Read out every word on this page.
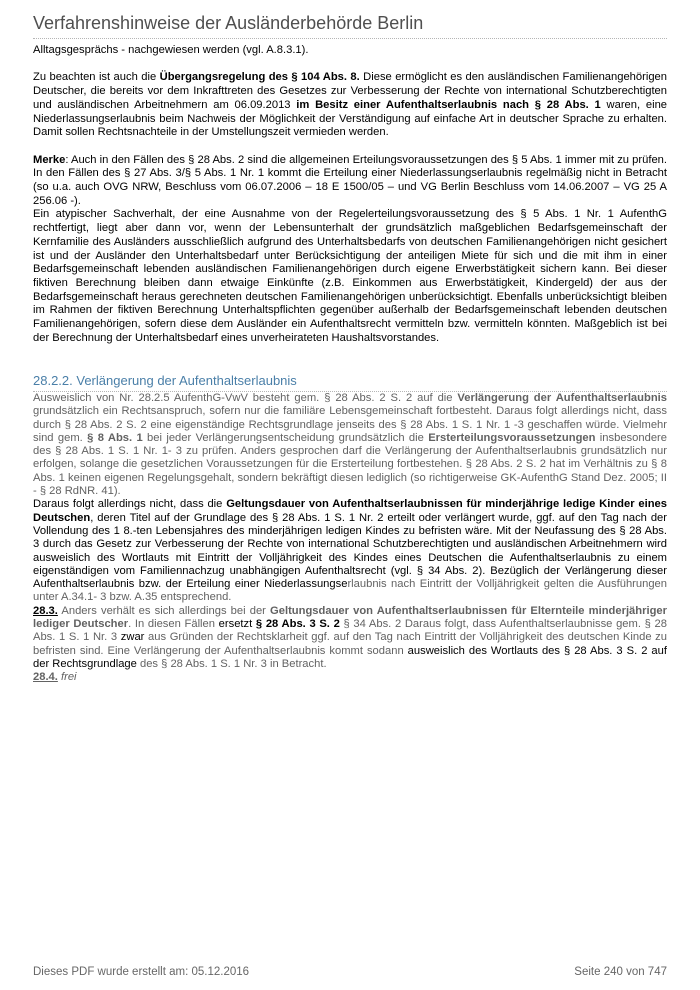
Verfahrenshinweise der Ausländerbehörde Berlin

Alltagsgesprächs - nachgewiesen werden (vgl. A.8.3.1).

Zu beachten ist auch die Übergangsregelung des § 104 Abs. 8. Diese ermöglicht es den ausländischen Familienangehörigen Deutscher, die bereits vor dem Inkrafttreten des Gesetzes zur Verbesserung der Rechte von international Schutzberechtigten und ausländischen Arbeitnehmern am 06.09.2013 im Besitz einer Aufenthaltserlaubnis nach § 28 Abs. 1 waren, eine Niederlassungserlaubnis beim Nachweis der Möglichkeit der Verständigung auf einfache Art in deutscher Sprache zu erhalten. Damit sollen Rechtsnachteile in der Umstellungszeit vermieden werden.

Merke: Auch in den Fällen des § 28 Abs. 2 sind die allgemeinen Erteilungsvoraussetzungen des § 5 Abs. 1 immer mit zu prüfen. In den Fällen des § 27 Abs. 3/§ 5 Abs. 1 Nr. 1 kommt die Erteilung einer Niederlassungserlaubnis regelmäßig nicht in Betracht (so u.a. auch OVG NRW, Beschluss vom 06.07.2006 – 18 E 1500/05 – und VG Berlin Beschluss vom 14.06.2007 – VG 25 A 256.06 -).

Ein atypischer Sachverhalt, der eine Ausnahme von der Regelerteilungsvoraussetzung des § 5 Abs. 1 Nr. 1 AufenthG rechtfertigt, liegt aber dann vor, wenn der Lebensunterhalt der grundsätzlich maßgeblichen Bedarfsgemeinschaft der Kernfamilie des Ausländers ausschließlich aufgrund des Unterhaltsbedarfs von deutschen Familienangehörigen nicht gesichert ist und der Ausländer den Unterhaltsbedarf unter Berücksichtigung der anteiligen Miete für sich und die mit ihm in einer Bedarfsgemeinschaft lebenden ausländischen Familienangehörigen durch eigene Erwerbstätigkeit sichern kann. Bei dieser fiktiven Berechnung bleiben dann etwaige Einkünfte (z.B. Einkommen aus Erwerbstätigkeit, Kindergeld) der aus der Bedarfsgemeinschaft heraus gerechneten deutschen Familienangehörigen unberücksichtigt. Ebenfalls unberücksichtigt bleiben im Rahmen der fiktiven Berechnung Unterhaltspflichten gegenüber außerhalb der Bedarfsgemeinschaft lebenden deutschen Familienangehörigen, sofern diese dem Ausländer ein Aufenthaltsrecht vermitteln bzw. vermitteln könnten. Maßgeblich ist bei der Berechnung der Unterhaltsbedarf eines unverheirateten Haushaltsvorstandes.

28.2.2. Verlängerung der Aufenthaltserlaubnis

Ausweislich von Nr. 28.2.5 AufenthG-VwV besteht gem. § 28 Abs. 2 S. 2 auf die Verlängerung der Aufenthaltserlaubnis grundsätzlich ein Rechtsanspruch, sofern nur die familiäre Lebensgemeinschaft fortbesteht. Daraus folgt allerdings nicht, dass durch § 28 Abs. 2 S. 2 eine eigenständige Rechtsgrundlage jenseits des § 28 Abs. 1 S. 1 Nr. 1 -3 geschaffen würde. Vielmehr sind gem. § 8 Abs. 1 bei jeder Verlängerungsentscheidung grundsätzlich die Ersterteilungsvoraussetzungen insbesondere des § 28 Abs. 1 S. 1 Nr. 1- 3 zu prüfen. Anders gesprochen darf die Verlängerung der Aufenthaltserlaubnis grundsätzlich nur erfolgen, solange die gesetzlichen Voraussetzungen für die Ersterteilung fortbestehen. § 28 Abs. 2 S. 2 hat im Verhältnis zu § 8 Abs. 1 keinen eigenen Regelungsgehalt, sondern bekräftigt diesen lediglich (so richtigerweise GK-AufenthG Stand Dez. 2005; II - § 28 RdNR. 41).

Daraus folgt allerdings nicht, dass die Geltungsdauer von Aufenthaltserlaubnissen für minderjährige ledige Kinder eines Deutschen, deren Titel auf der Grundlage des § 28 Abs. 1 S. 1 Nr. 2 erteilt oder verlängert wurde, ggf. auf den Tag nach der Vollendung des 1 8.-ten Lebensjahres des minderjährigen ledigen Kindes zu befristen wäre. Mit der Neufassung des § 28 Abs. 3 durch das Gesetz zur Verbesserung der Rechte von international Schutzberechtigten und ausländischen Arbeitnehmern wird ausweislich des Wortlauts mit Eintritt der Volljährigkeit des Kindes eines Deutschen die Aufenthaltserlaubnis zu einem eigenständigen vom Familiennachzug unabhängigen Aufenthaltsrecht (vgl. § 34 Abs. 2). Bezüglich der Verlängerung dieser Aufenthaltserlaubnis bzw. der Erteilung einer Niederlassungserlaubnis nach Eintritt der Volljährigkeit gelten die Ausführungen unter A.34.1- 3 bzw. A.35 entsprechend.

28.3. Anders verhält es sich allerdings bei der Geltungsdauer von Aufenthaltserlaubnissen für Elternteile minderjähriger lediger Deutscher. In diesen Fällen ersetzt § 28 Abs. 3 S. 2 § 34 Abs. 2 Daraus folgt, dass Aufenthaltserlaubnisse gem. § 28 Abs. 1 S. 1 Nr. 3 zwar aus Gründen der Rechtsklarheit ggf. auf den Tag nach Eintritt der Volljährigkeit des deutschen Kinde zu befristen sind. Eine Verlängerung der Aufenthaltserlaubnis kommt sodann ausweislich des Wortlauts des § 28 Abs. 3 S. 2 auf der Rechtsgrundlage des § 28 Abs. 1 S. 1 Nr. 3 in Betracht.

28.4. frei

Dieses PDF wurde erstellt am: 05.12.2016	Seite 240 von 747
